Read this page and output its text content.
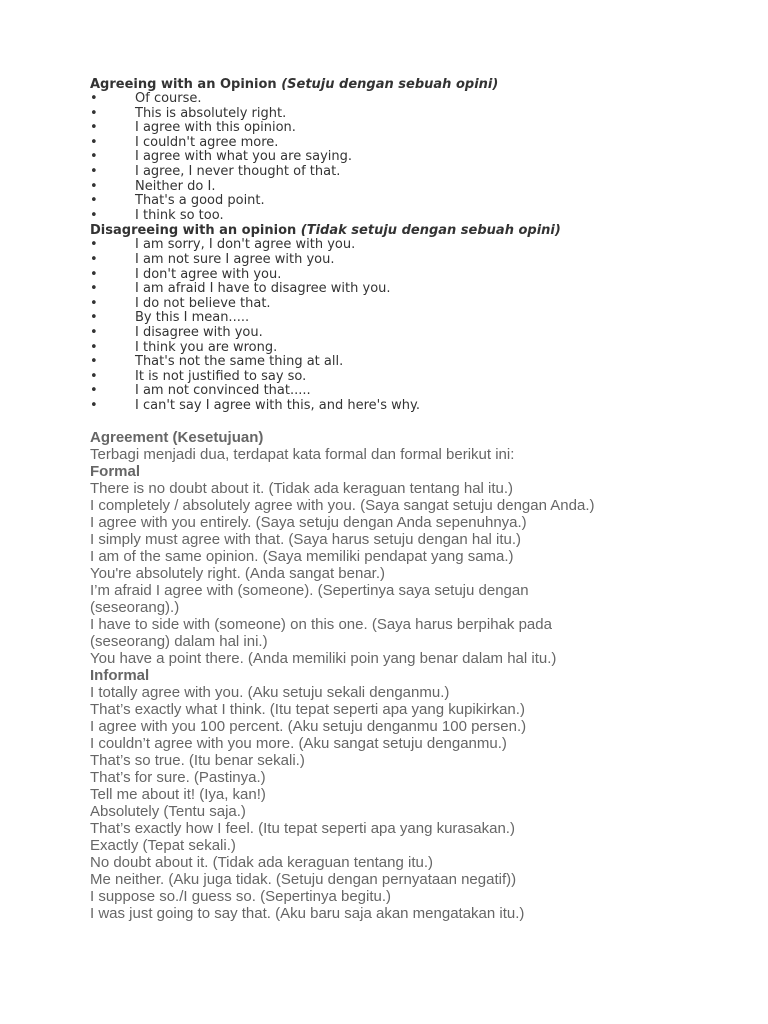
Agreeing with an Opinion (Setuju dengan sebuah opini)

•	Of course.
•	This is absolutely right.
•	I agree with this opinion.
•	I couldn't agree more.
•	I agree with what you are saying.
•	I agree, I never thought of that.
•	Neither do I.
•	That's a good point.
•	I think so too.

Disagreeing with an opinion (Tidak setuju dengan sebuah opini)

•	I am sorry, I don't agree with you.
•	I am not sure I agree with you.
•	I don't agree with you.
•	I am afraid I have to disagree with you.
•	I do not believe that.
•	By this I mean.....
•	I disagree with you.
•	I think you are wrong.
•	That's not the same thing at all.
•	It is not justified to say so.
•	I am not convinced that.....
•	I can't say I agree with this, and here's why.

Agreement (Kesetujuan)

Terbagi menjadi dua, terdapat kata formal dan formal berikut ini:

Formal

There is no doubt about it. (Tidak ada keraguan tentang hal itu.)

I completely / absolutely agree with you. (Saya sangat setuju dengan Anda.)

I agree with you entirely. (Saya setuju dengan Anda sepenuhnya.)

I simply must agree with that. (Saya harus setuju dengan hal itu.)

I am of the same opinion. (Saya memiliki pendapat yang sama.)

You're absolutely right. (Anda sangat benar.)

I’m afraid I agree with (someone). (Sepertinya saya setuju dengan

(seseorang).)

I have to side with (someone) on this one. (Saya harus berpihak pada

(seseorang) dalam hal ini.)

You have a point there. (Anda memiliki poin yang benar dalam hal itu.)

Informal

I totally agree with you. (Aku setuju sekali denganmu.)

That’s exactly what I think. (Itu tepat seperti apa yang kupikirkan.)

I agree with you 100 percent. (Aku setuju denganmu 100 persen.)

I couldn’t agree with you more. (Aku sangat setuju denganmu.)

That’s so true. (Itu benar sekali.)

That’s for sure. (Pastinya.)

Tell me about it! (Iya, kan!)

Absolutely (Tentu saja.)

That’s exactly how I feel. (Itu tepat seperti apa yang kurasakan.)

Exactly (Tepat sekali.)

No doubt about it. (Tidak ada keraguan tentang itu.)

Me neither. (Aku juga tidak. (Setuju dengan pernyataan negatif))

I suppose so./I guess so. (Sepertinya begitu.)

I was just going to say that. (Aku baru saja akan mengatakan itu.)
